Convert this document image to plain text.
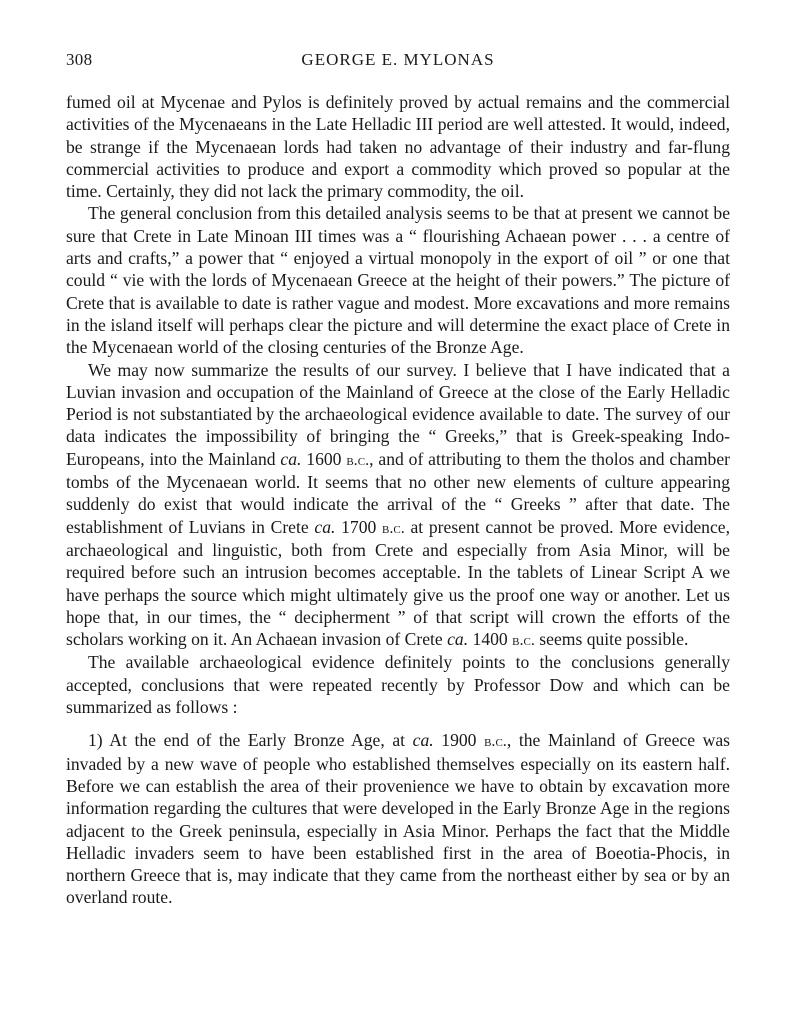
308	GEORGE E. MYLONAS

fumed oil at Mycenae and Pylos is definitely proved by actual remains and the commercial activities of the Mycenaeans in the Late Helladic III period are well attested. It would, indeed, be strange if the Mycenaean lords had taken no advantage of their industry and far-flung commercial activities to produce and export a commodity which proved so popular at the time. Certainly, they did not lack the primary commodity, the oil.

The general conclusion from this detailed analysis seems to be that at present we cannot be sure that Crete in Late Minoan III times was a “ flourishing Achaean power . . . a centre of arts and crafts,” a power that “ enjoyed a virtual monopoly in the export of oil ” or one that could “ vie with the lords of Mycenaean Greece at the height of their powers.” The picture of Crete that is available to date is rather vague and modest. More excavations and more remains in the island itself will perhaps clear the picture and will determine the exact place of Crete in the Mycenaean world of the closing centuries of the Bronze Age.

We may now summarize the results of our survey. I believe that I have indicated that a Luvian invasion and occupation of the Mainland of Greece at the close of the Early Helladic Period is not substantiated by the archaeological evidence available to date. The survey of our data indicates the impossibility of bringing the “ Greeks,” that is Greek-speaking Indo-Europeans, into the Mainland ca. 1600 b.c., and of attributing to them the tholos and chamber tombs of the Mycenaean world. It seems that no other new elements of culture appearing suddenly do exist that would indicate the arrival of the “ Greeks ” after that date. The establishment of Luvians in Crete ca. 1700 b.c. at present cannot be proved. More evidence, archaeological and linguistic, both from Crete and especially from Asia Minor, will be required before such an intrusion becomes acceptable. In the tablets of Linear Script A we have perhaps the source which might ultimately give us the proof one way or another. Let us hope that, in our times, the “ decipherment ” of that script will crown the efforts of the scholars working on it. An Achaean invasion of Crete ca. 1400 b.c. seems quite possible.

The available archaeological evidence definitely points to the conclusions generally accepted, conclusions that were repeated recently by Professor Dow and which can be summarized as follows :

1) At the end of the Early Bronze Age, at ca. 1900 b.c., the Mainland of Greece was invaded by a new wave of people who established themselves especially on its eastern half. Before we can establish the area of their provenience we have to obtain by excavation more information regarding the cultures that were developed in the Early Bronze Age in the regions adjacent to the Greek peninsula, especially in Asia Minor. Perhaps the fact that the Middle Helladic invaders seem to have been established first in the area of Boeotia-Phocis, in northern Greece that is, may indicate that they came from the northeast either by sea or by an overland route.
